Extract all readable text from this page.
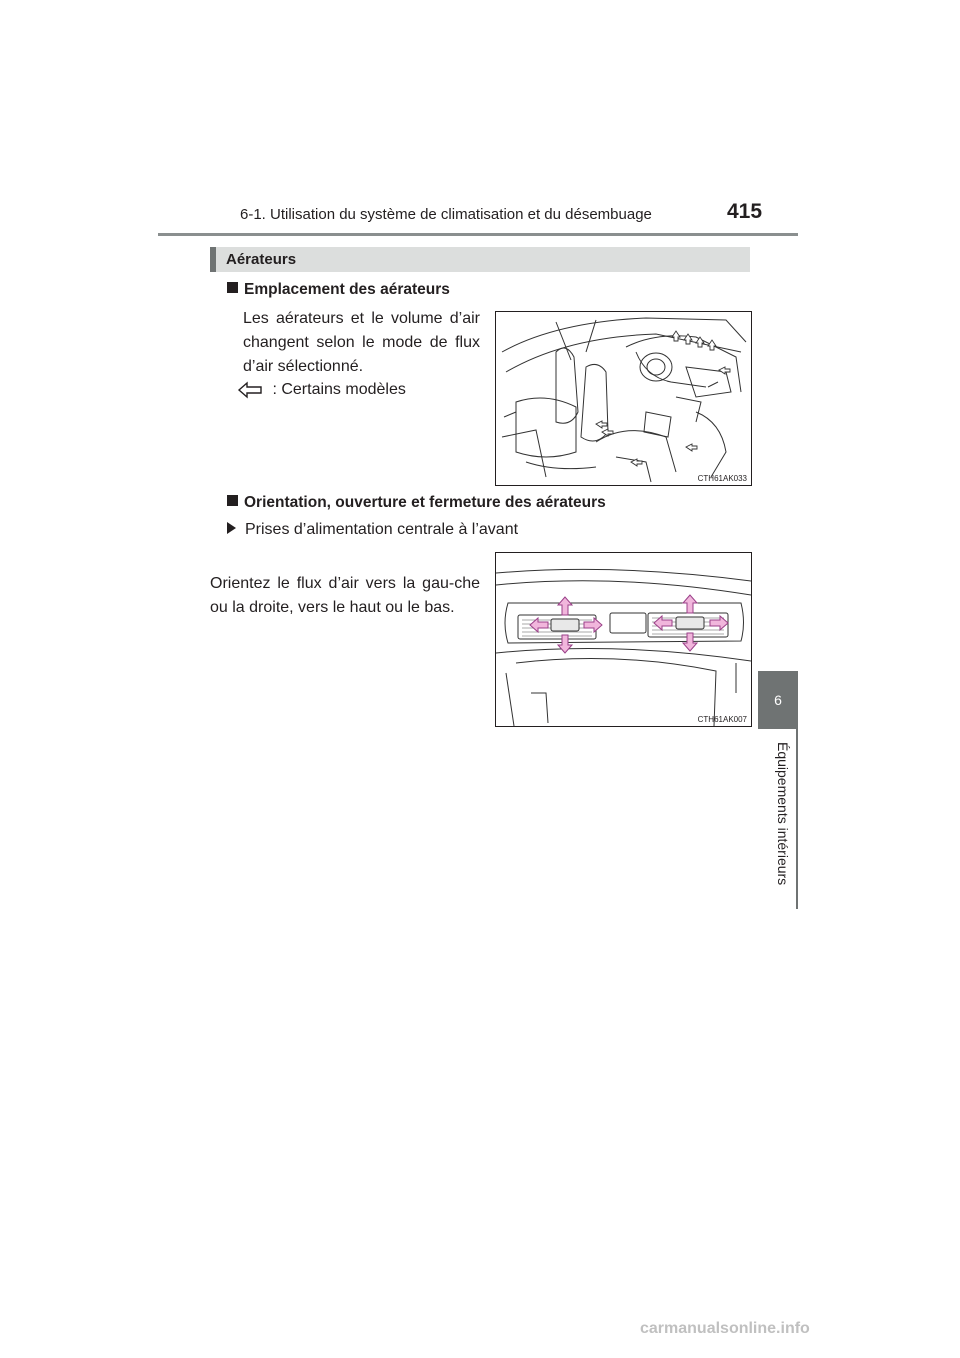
6-1. Utilisation du système de climatisation et du désembuage	415
6
Équipements intérieurs
Aérateurs
Emplacement des aérateurs
Les aérateurs et le volume d’air changent selon le mode de flux d’air sélectionné.
: Certains modèles
CTH61AK033
Orientation, ouverture et fermeture des aérateurs
Prises d’alimentation centrale à l’avant
Orientez le flux d’air vers la gau-che ou la droite, vers le haut ou le bas.
CTH61AK007
carmanualsonline.info
